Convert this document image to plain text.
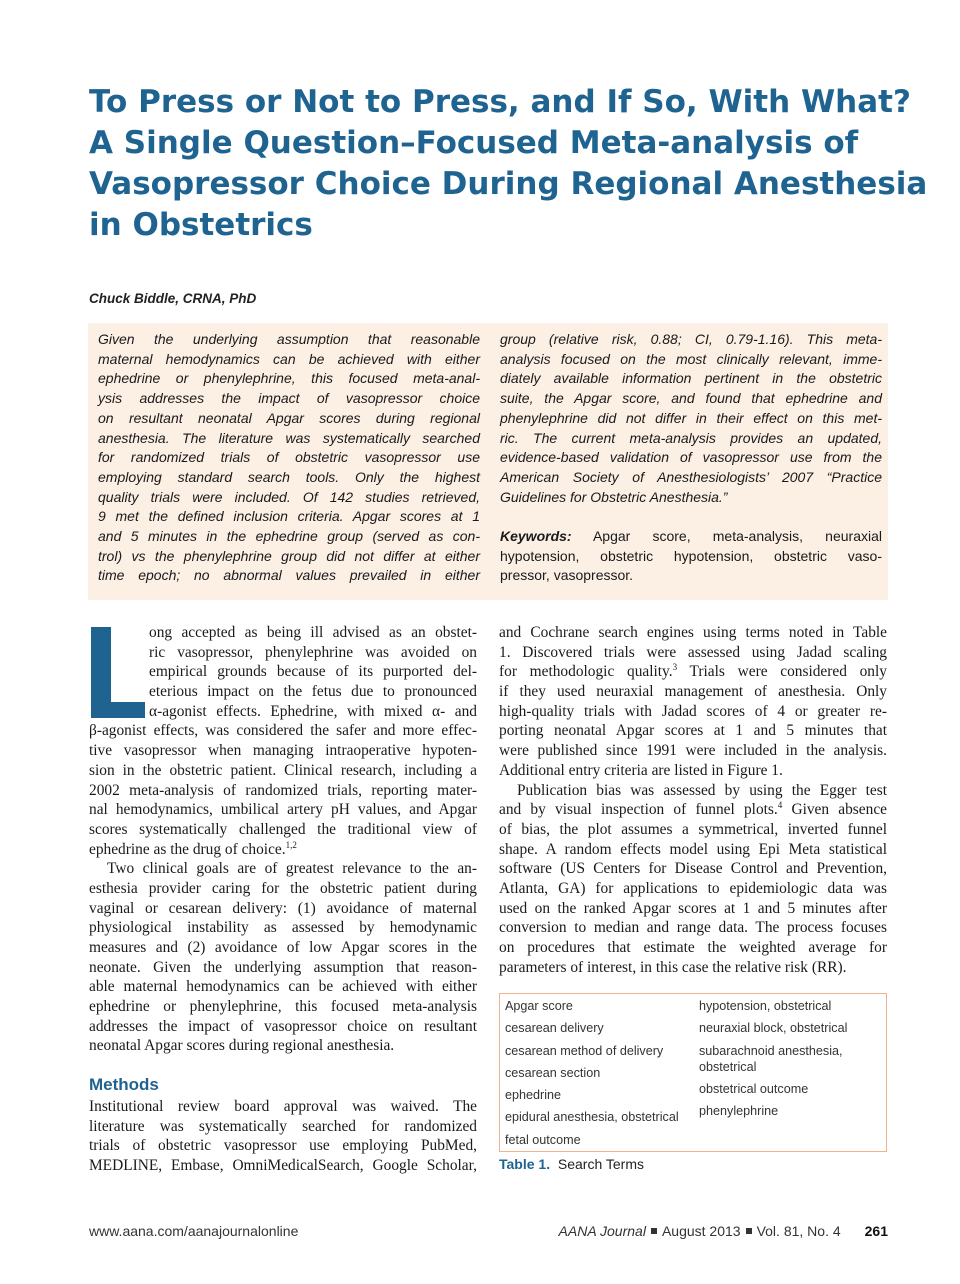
To Press or Not to Press, and If So, With What?
A Single Question–Focused Meta-analysis of
Vasopressor Choice During Regional Anesthesia
in Obstetrics
Chuck Biddle, CRNA, PhD
Given the underlying assumption that reasonable
maternal hemodynamics can be achieved with either
ephedrine or phenylephrine, this focused meta-anal-
ysis addresses the impact of vasopressor choice
on resultant neonatal Apgar scores during regional
anesthesia. The literature was systematically searched
for randomized trials of obstetric vasopressor use
employing standard search tools. Only the highest
quality trials were included. Of 142 studies retrieved,
9 met the defined inclusion criteria. Apgar scores at 1
and 5 minutes in the ephedrine group (served as con-
trol) vs the phenylephrine group did not differ at either
time epoch; no abnormal values prevailed in either
group (relative risk, 0.88; CI, 0.79-1.16). This meta-
analysis focused on the most clinically relevant, imme-
diately available information pertinent in the obstetric
suite, the Apgar score, and found that ephedrine and
phenylephrine did not differ in their effect on this met-
ric. The current meta-analysis provides an updated,
evidence-based validation of vasopressor use from the
American Society of Anesthesiologists’ 2007 “Practice
Guidelines for Obstetric Anesthesia.”
Keywords: Apgar score, meta-analysis, neuraxial
hypotension, obstetric hypotension, obstetric vaso-
pressor, vasopressor.
ong accepted as being ill advised as an obstet-
ric vasopressor, phenylephrine was avoided on
empirical grounds because of its purported del-
eterious impact on the fetus due to pronounced
α-agonist effects. Ephedrine, with mixed α- and
β-agonist effects, was considered the safer and more effec-
tive vasopressor when managing intraoperative hypoten-
sion in the obstetric patient. Clinical research, including a
2002 meta-analysis of randomized trials, reporting mater-
nal hemodynamics, umbilical artery pH values, and Apgar
scores systematically challenged the traditional view of
ephedrine as the drug of choice.$^{1,2}$
Two clinical goals are of greatest relevance to the an-
esthesia provider caring for the obstetric patient during
vaginal or cesarean delivery: (1) avoidance of maternal
physiological instability as assessed by hemodynamic
measures and (2) avoidance of low Apgar scores in the
neonate. Given the underlying assumption that reason-
able maternal hemodynamics can be achieved with either
ephedrine or phenylephrine, this focused meta-analysis
addresses the impact of vasopressor choice on resultant
neonatal Apgar scores during regional anesthesia.
Methods
Institutional review board approval was waived. The
literature was systematically searched for randomized
trials of obstetric vasopressor use employing PubMed,
MEDLINE, Embase, OmniMedicalSearch, Google Scholar,
and Cochrane search engines using terms noted in Table
1. Discovered trials were assessed using Jadad scaling
for methodologic quality.$^3$ Trials were considered only
if they used neuraxial management of anesthesia. Only
high-quality trials with Jadad scores of 4 or greater re-
porting neonatal Apgar scores at 1 and 5 minutes that
were published since 1991 were included in the analysis.
Additional entry criteria are listed in Figure 1.
Publication bias was assessed by using the Egger test
and by visual inspection of funnel plots.$^4$ Given absence
of bias, the plot assumes a symmetrical, inverted funnel
shape. A random effects model using Epi Meta statistical
software (US Centers for Disease Control and Prevention,
Atlanta, GA) for applications to epidemiologic data was
used on the ranked Apgar scores at 1 and 5 minutes after
conversion to median and range data. The process focuses
on procedures that estimate the weighted average for
parameters of interest, in this case the relative risk (RR).
Apgar score
cesarean delivery
cesarean method of delivery
cesarean section
ephedrine
epidural anesthesia, obstetrical
fetal outcome
hypotension, obstetrical
neuraxial block, obstetrical
subarachnoid anesthesia, obstetrical
obstetrical outcome
phenylephrine
Table 1. Search Terms
www.aana.com/aanajournalonline	AANA Journal August 2013 Vol. 81, No. 4 261
